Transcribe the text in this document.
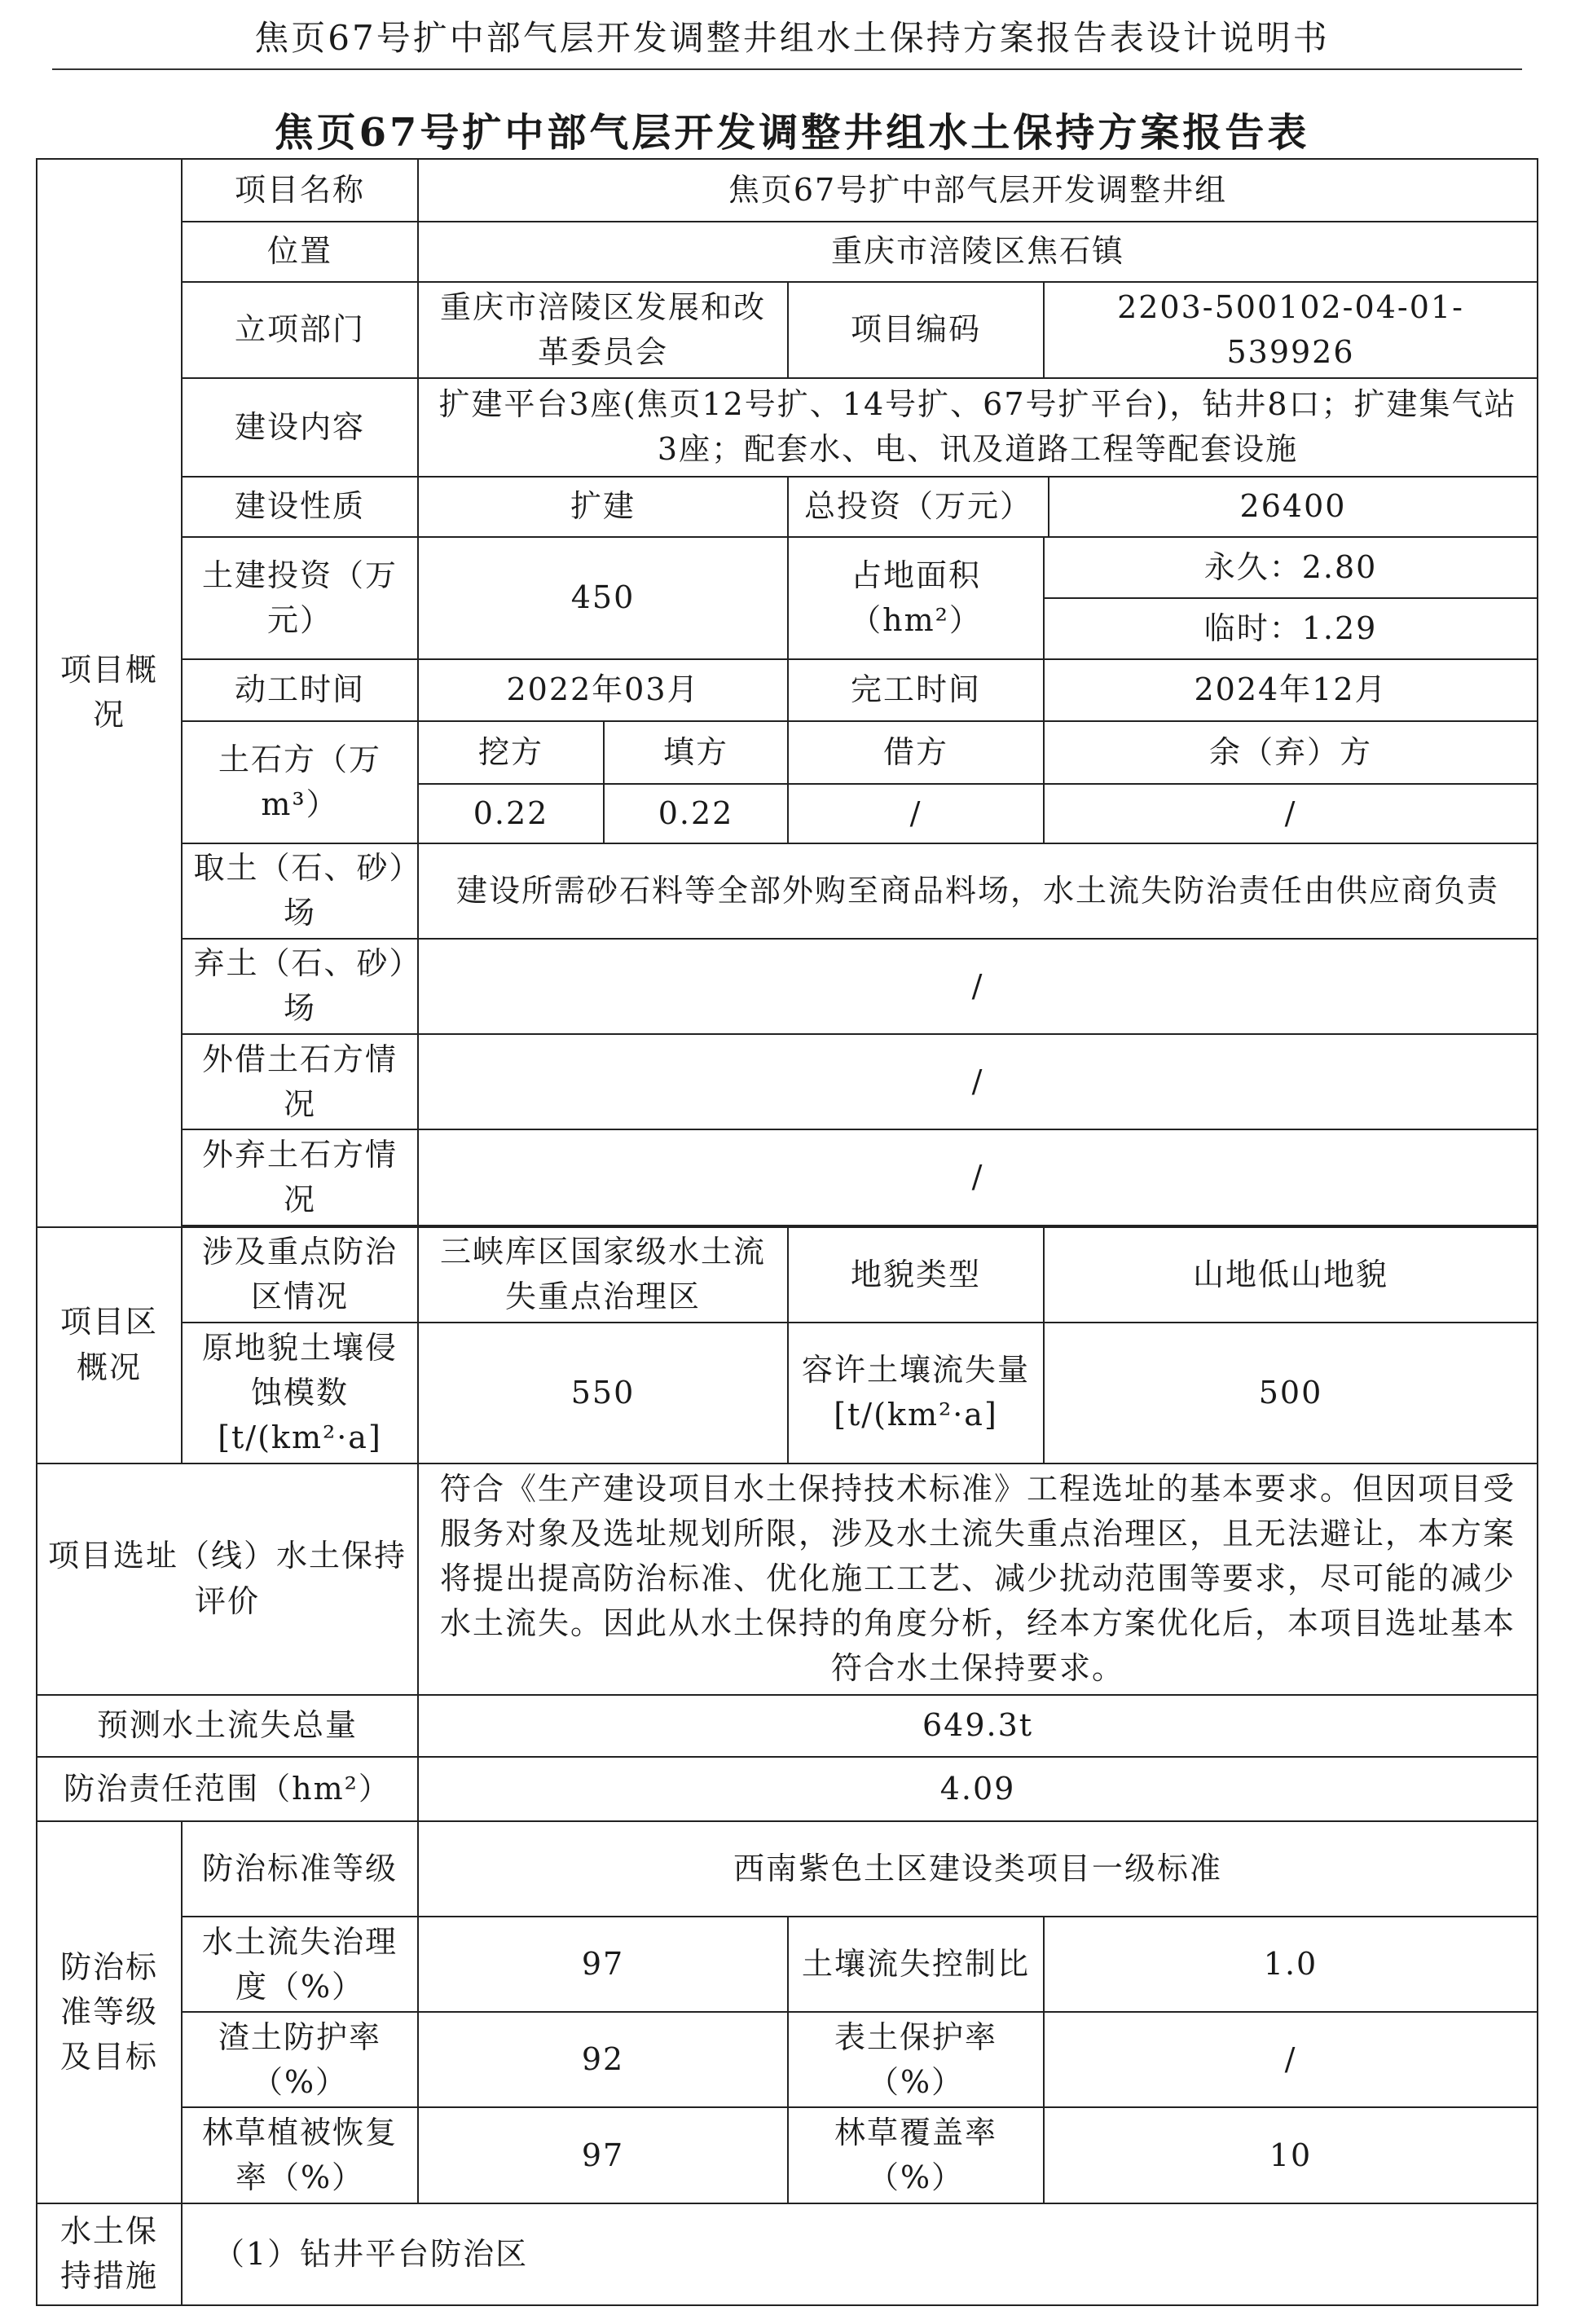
焦页67号扩中部气层开发调整井组水土保持方案报告表设计说明书
焦页67号扩中部气层开发调整井组水土保持方案报告表
项目概况	项目名称	焦页67号扩中部气层开发调整井组				
	位置	重庆市涪陵区焦石镇				
	立项部门	重庆市涪陵区发展和改革委员会		项目编码	2203-500102-04-01-539926	
	建设内容	扩建平台3座(焦页12号扩、14号扩、67号扩平台)，钻井8口；扩建集气站3座；配套水、电、讯及道路工程等配套设施				
	建设性质	扩建		总投资（万元）		26400
	土建投资（万元）	450		占地面积（hm²）	永久：2.80	
					临时：1.29	
	动工时间	2022年03月		完工时间	2024年12月	
	土石方（万m³）	挖方	填方	借方	余（弃）方	
		0.22	0.22	/	/	
	取土（石、砂）场	建设所需砂石料等全部外购至商品料场，水土流失防治责任由供应商负责				
	弃土（石、砂）场	/				
	外借土石方情况	/				
	外弃土石方情况	/				

项目区概况	涉及重点防治区情况	三峡库区国家级水土流失重点治理区		地貌类型	山地低山地貌	
	原地貌土壤侵蚀模数[t/(km²·a]	550		容许土壤流失量[t/(km²·a]	500	
项目选址（线）水土保持评价		符合《生产建设项目水土保持技术标准》工程选址的基本要求。但因项目受服务对象及选址规划所限，涉及水土流失重点治理区，且无法避让，本方案将提出提高防治标准、优化施工工艺、减少扰动范围等要求，尽可能的减少水土流失。因此从水土保持的角度分析，经本方案优化后，本项目选址基本符合水土保持要求。				
预测水土流失总量		649.3t				
防治责任范围（hm²）		4.09				
防治标准等级及目标	防治标准等级	西南紫色土区建设类项目一级标准				
	水土流失治理度（%）	97		土壤流失控制比	1.0	
	渣土防护率（%）	92		表土保护率（%）	/	
	林草植被恢复率（%）	97		林草覆盖率（%）	10	
水土保持措施	（1）钻井平台防治区					
